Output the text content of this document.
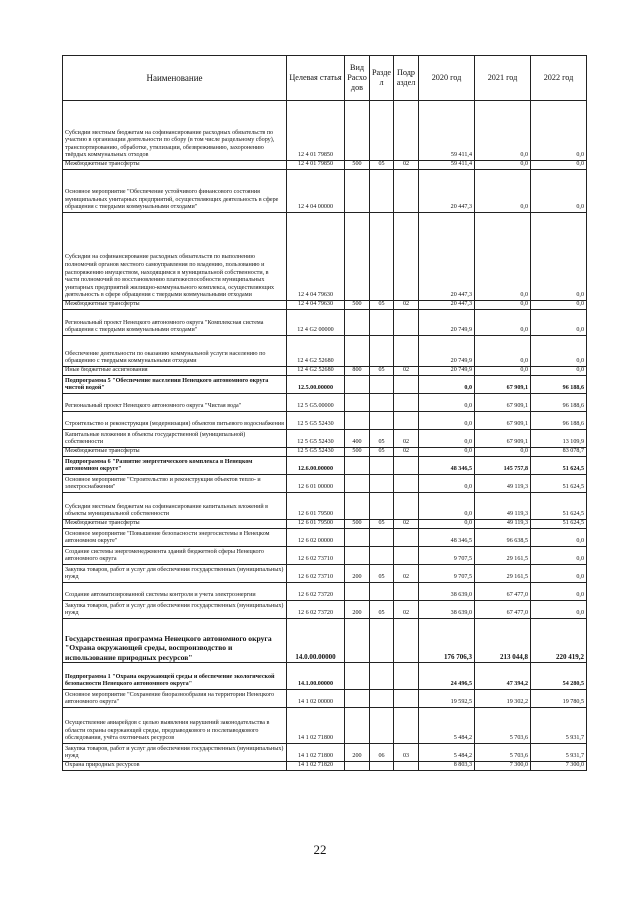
Наименование	Целевая статья	Вид Расхо дов	Разде л	Подр аздел	2020 год	2021 год	2022 год
Субсидии местным бюджетам на софинансирование расходных обязательств по участию в организации деятельности по сбору (в том числе раздельному сбору), транспортированию, обработке, утилизации, обезвреживанию, захоронению твёрдых коммунальных отходов	12 4 01 79850				59 411,4	0,0	0,0
Межбюджетные трансферты	12 4 01 79850	500	05	02	59 411,4	0,0	0,0
Основное мероприятие "Обеспечение устойчивого финансового состояния муниципальных унитарных предприятий, осуществляющих деятельность в сфере обращения с твердыми коммунальными отходами"	12 4 04 00000				20 447,3	0,0	0,0
Субсидии на софинансирование расходных обязательств по выполнению полномочий органов местного самоуправления по владению, пользованию и распоряжению имуществом, находящимся в муниципальной собственности, в части полномочий по восстановлению платежеспособности муниципальных унитарных предприятий жилищно-коммунального комплекса, осуществляющих деятельность в сфере обращения с твердыми коммунальными отходами	12 4 04 79630				20 447,3	0,0	0,0
Межбюджетные трансферты	12 4 04 79630	500	05	02	20 447,3	0,0	0,0
Региональный проект Ненецкого автономного округа "Комплексная система обращения с твердыми коммунальными отходами"	12 4 G2 00000				20 749,9	0,0	0,0
Обеспечение деятельности по оказанию коммунальной услуги населению по обращению с твердыми коммунальными отходами	12 4 G2 52680				20 749,9	0,0	0,0
Иные бюджетные ассигнования	12 4 G2 52680	800	05	02	20 749,9	0,0	0,0
Подпрограмма 5 "Обеспечение населения Ненецкого автономного округа чистой водой"	12.5.00.00000				0,0	67 909,1	96 188,6
Региональный проект Ненецкого автономного округа "Чистая вода"	12 5 G5.00000				0,0	67 909,1	96 188,6
Строительство и реконструкция (модернизация) объектов питьевого водоснабжения	12 5 G5 52430				0,0	67 909,1	96 188,6
Капитальные вложения в объекты государственной (муниципальной) собственности	12 5 G5 52430	400	05	02	0,0	67 909,1	13 109,9
Межбюджетные трансферты	12 5 G5 52430	500	05	02	0,0	0,0	83 078,7
Подпрограмма 6 "Развитие энергетического комплекса в Ненецком автономном округе"	12.6.00.00000				48 346,5	145 757,8	51 624,5
Основное мероприятие "Строительство и реконструкция объектов тепло- и электроснабжения"	12 6 01 00000				0,0	49 119,3	51 624,5
Субсидии местным бюджетам на софинансирование капитальных вложений в объекты муниципальной собственности	12 6 01 79500				0,0	49 119,3	51 624,5
Межбюджетные трансферты	12 6 01 79500	500	05	02	0,0	49 119,3	51 624,5
Основное мероприятие "Повышение безопасности энергосистемы в Ненецком автономном округе"	12 6 02 00000				48 346,5	96 638,5	0,0
Создание системы энергоменеджмента зданий бюджетной сферы Ненецкого автономного округа	12 6 02 73710				9 707,5	29 161,5	0,0
Закупка товаров, работ и услуг для обеспечения государственных (муниципальных) нужд	12 6 02 73710	200	05	02	9 707,5	29 161,5	0,0
Создание автоматизированной системы контроля и учета электроэнергии	12 6 02 73720				38 639,0	67 477,0	0,0
Закупка товаров, работ и услуг для обеспечения государственных (муниципальных) нужд	12 6 02 73720	200	05	02	38 639,0	67 477,0	0,0
Государственная программа Ненецкого автономного округа "Охрана окружающей среды, воспроизводство и использование природных ресурсов"	14.0.00.00000				176 706,3	213 044,8	220 419,2
Подпрограмма 1 "Охрана окружающей среды и обеспечение экологической безопасности Ненецкого автономного округа"	14.1.00.00000				24 496,5	47 394,2	54 280,5
Основное мероприятие "Сохранение биоразнообразия на территории Ненецкого автономного округа"	14 1 02 00000				19 592,5	19 302,2	19 780,5
Осуществление авиарейдов с целью выявления нарушений законодательства в области охраны окружающей среды, предпаводкового и послепаводкового обследования, учёта охотничьих ресурсов	14 1 02 71800				5 484,2	5 703,6	5 931,7
Закупка товаров, работ и услуг для обеспечения государственных (муниципальных) нужд	14 1 02 71800	200	06	03	5 484,2	5 703,6	5 931,7
Охрана природных ресурсов	14 1 02 71820				8 803,3	7 300,0	7 300,0
22
